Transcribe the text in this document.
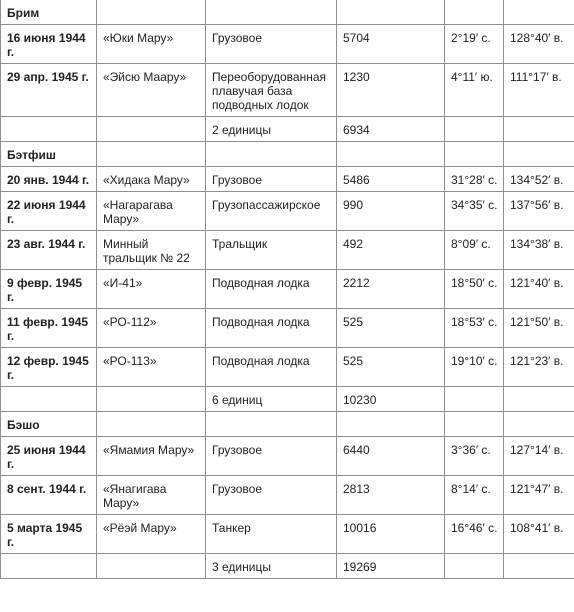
Брим					
16 июня 1944 г.	«Юки Мару»	Грузовое	5704	2°19′ с.	128°40′ в.
29 апр. 1945 г.	«Эйсю Маару»	Переоборудованная плавучая база подводных лодок	1230	4°11′ ю.	111°17′ в.
		2 единицы	6934		
Бэтфиш					
20 янв. 1944 г.	«Хидака Мару»	Грузовое	5486	31°28′ с.	134°52′ в.
22 июня 1944 г.	«Нагарагава Мару»	Грузопассажирское	990	34°35′ с.	137°56′ в.
23 авг. 1944 г.	Минный тральщик № 22	Тральщик	492	8°09′ с.	134°38′ в.
9 февр. 1945 г.	«И-41»	Подводная лодка	2212	18°50′ с.	121°40′ в.
11 февр. 1945 г.	«РО-112»	Подводная лодка	525	18°53′ с.	121°50′ в.
12 февр. 1945 г.	«РО-113»	Подводная лодка	525	19°10′ с.	121°23′ в.
		6 единиц	10230		
Бэшо					
25 июня 1944 г.	«Ямамия Мару»	Грузовое	6440	3°36′ с.	127°14′ в.
8 сент. 1944 г.	«Янагигава Мару»	Грузовое	2813	8°14′ с.	121°47′ в.
5 марта 1945 г.	«Рёэй Мару»	Танкер	10016	16°46′ с.	108°41′ в.
		3 единицы	19269		
